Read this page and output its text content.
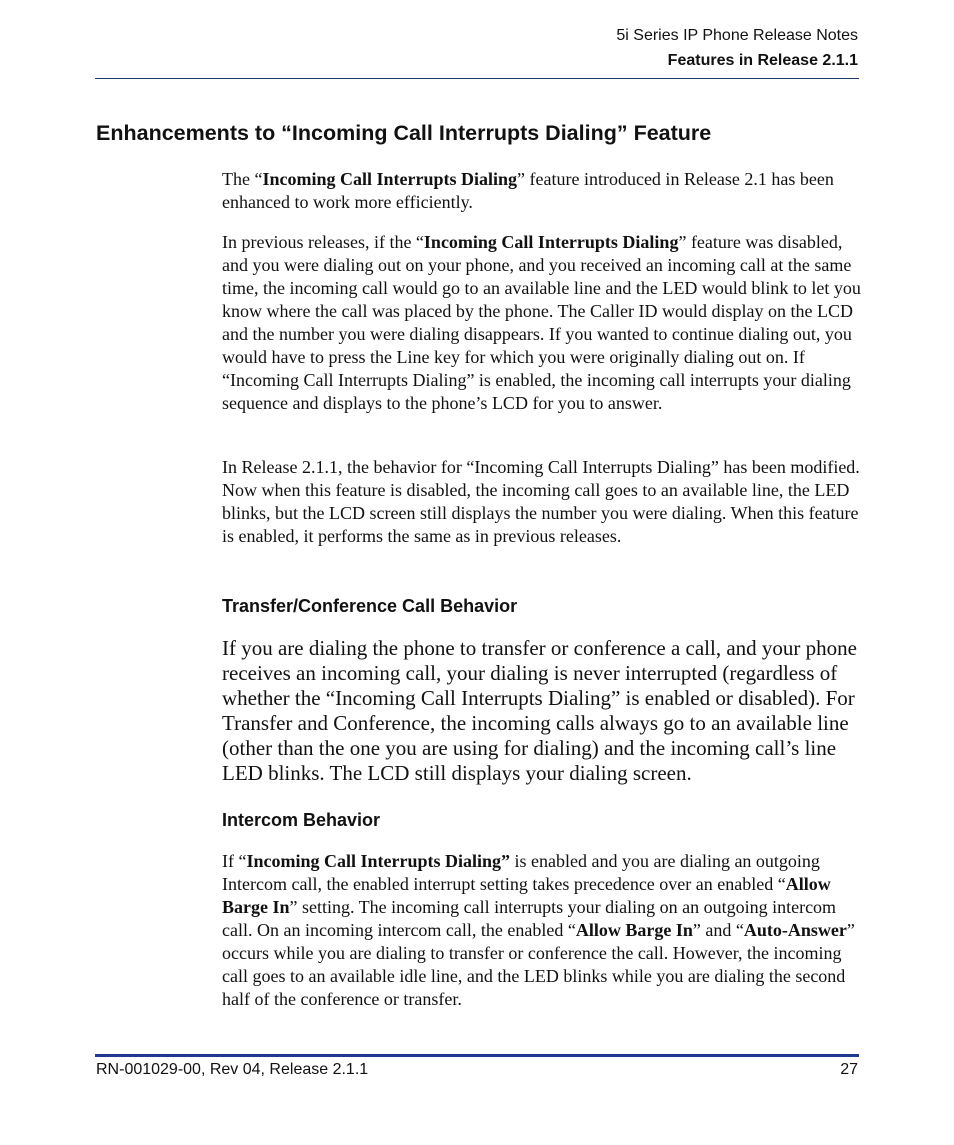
5i Series IP Phone Release Notes
Features in Release 2.1.1
Enhancements to “Incoming Call Interrupts Dialing” Feature

The “Incoming Call Interrupts Dialing” feature introduced in Release 2.1 has been enhanced to work more efficiently.

In previous releases, if the “Incoming Call Interrupts Dialing” feature was disabled, and you were dialing out on your phone, and you received an incoming call at the same time, the incoming call would go to an available line and the LED would blink to let you know where the call was placed by the phone. The Caller ID would display on the LCD and the number you were dialing disappears. If you wanted to continue dialing out, you would have to press the Line key for which you were originally dialing out on. If “Incoming Call Interrupts Dialing” is enabled, the incoming call interrupts your dialing sequence and displays to the phone’s LCD for you to answer.

In Release 2.1.1, the behavior for “Incoming Call Interrupts Dialing” has been modified. Now when this feature is disabled, the incoming call goes to an available line, the LED blinks, but the LCD screen still displays the number you were dialing. When this feature is enabled, it performs the same as in previous releases.

Transfer/Conference Call Behavior

If you are dialing the phone to transfer or conference a call, and your phone receives an incoming call, your dialing is never interrupted (regardless of whether the “Incoming Call Interrupts Dialing” is enabled or disabled). For Transfer and Conference, the incoming calls always go to an available line (other than the one you are using for dialing) and the incoming call’s line LED blinks. The LCD still displays your dialing screen.

Intercom Behavior

If “Incoming Call Interrupts Dialing” is enabled and you are dialing an outgoing Intercom call, the enabled interrupt setting takes precedence over an enabled “Allow Barge In” setting. The incoming call interrupts your dialing on an outgoing intercom call. On an incoming intercom call, the enabled “Allow Barge In” and “Auto-Answer” occurs while you are dialing to transfer or conference the call. However, the incoming call goes to an available idle line, and the LED blinks while you are dialing the second half of the conference or transfer.

RN-001029-00, Rev 04, Release 2.1.1	27
